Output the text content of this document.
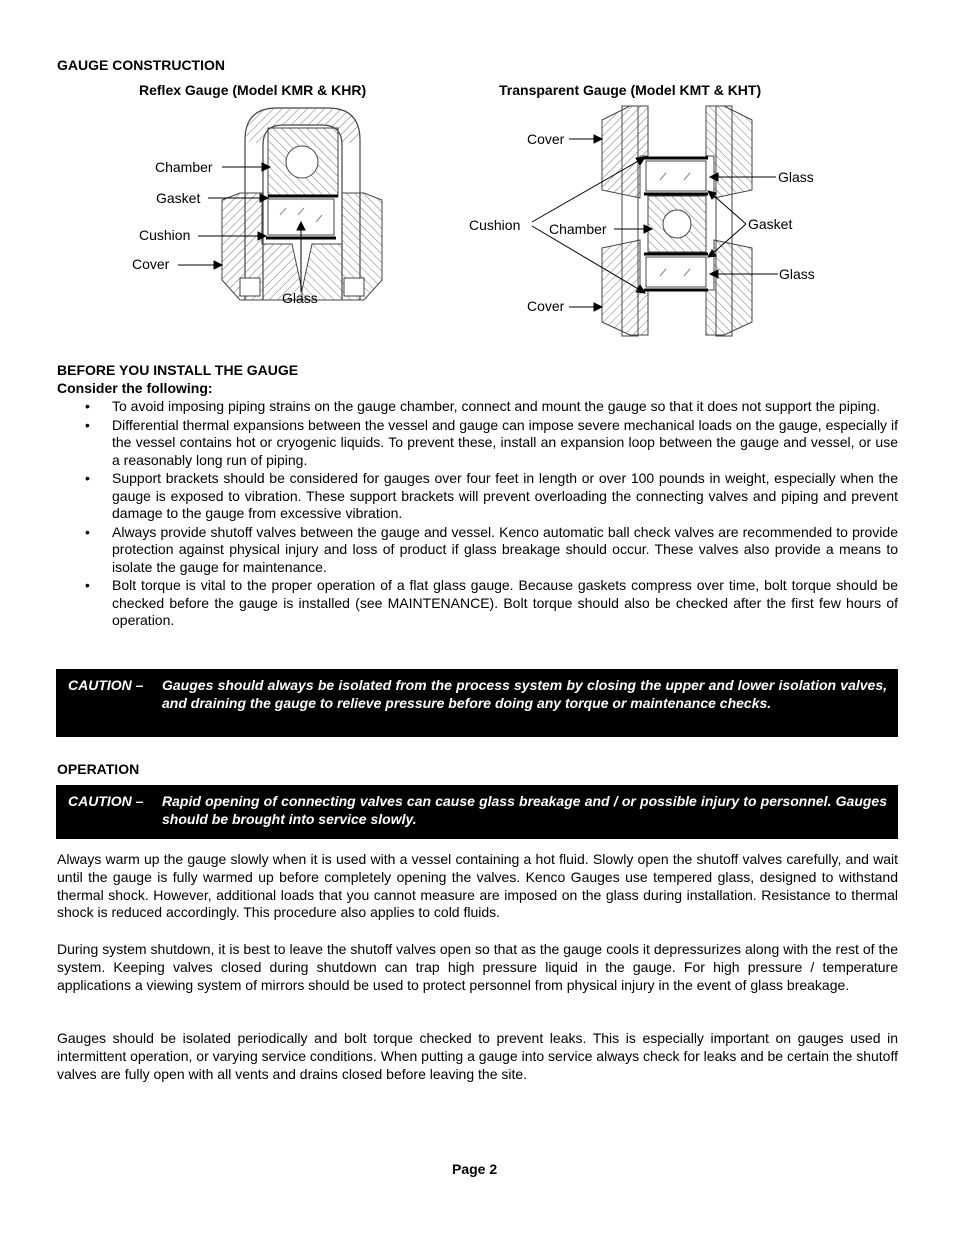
GAUGE CONSTRUCTION
Reflex Gauge (Model KMR & KHR)	Transparent Gauge (Model KMT & KHT)
Chamber
Gasket
Cushion
Cover
Glass
Cover
Glass
Cushion Chamber	Gasket
Glass
Cover
BEFORE YOU INSTALL THE GAUGE
Consider the following:
• To avoid imposing piping strains on the gauge chamber, connect and mount the gauge so that it does not support the piping.
• Differential thermal expansions between the vessel and gauge can impose severe mechanical loads on the gauge, especially if the vessel contains hot or cryogenic liquids. To prevent these, install an expansion loop between the gauge and vessel, or use a reasonably long run of piping.
• Support brackets should be considered for gauges over four feet in length or over 100 pounds in weight, especially when the gauge is exposed to vibration. These support brackets will prevent overloading the connecting valves and piping and prevent damage to the gauge from excessive vibration.
• Always provide shutoff valves between the gauge and vessel. Kenco automatic ball check valves are recommended to provide protection against physical injury and loss of product if glass breakage should occur. These valves also provide a means to isolate the gauge for maintenance.
• Bolt torque is vital to the proper operation of a flat glass gauge. Because gaskets compress over time, bolt torque should be checked before the gauge is installed (see MAINTENANCE). Bolt torque should also be checked after the first few hours of operation.
CAUTION – Gauges should always be isolated from the process system by closing the upper and lower isolation valves, and draining the gauge to relieve pressure before doing any torque or maintenance checks.
OPERATION
CAUTION – Rapid opening of connecting valves can cause glass breakage and / or possible injury to personnel. Gauges should be brought into service slowly.

Always warm up the gauge slowly when it is used with a vessel containing a hot fluid. Slowly open the shutoff valves carefully, and wait until the gauge is fully warmed up before completely opening the valves. Kenco Gauges use tempered glass, designed to withstand thermal shock. However, additional loads that you cannot measure are imposed on the glass during installation. Resistance to thermal shock is reduced accordingly. This procedure also applies to cold fluids.

During system shutdown, it is best to leave the shutoff valves open so that as the gauge cools it depressurizes along with the rest of the system. Keeping valves closed during shutdown can trap high pressure liquid in the gauge. For high pressure / temperature applications a viewing system of mirrors should be used to protect personnel from physical injury in the event of glass breakage.

Gauges should be isolated periodically and bolt torque checked to prevent leaks. This is especially important on gauges used in intermittent operation, or varying service conditions. When putting a gauge into service always check for leaks and be certain the shutoff valves are fully open with all vents and drains closed before leaving the site.

Page 2
